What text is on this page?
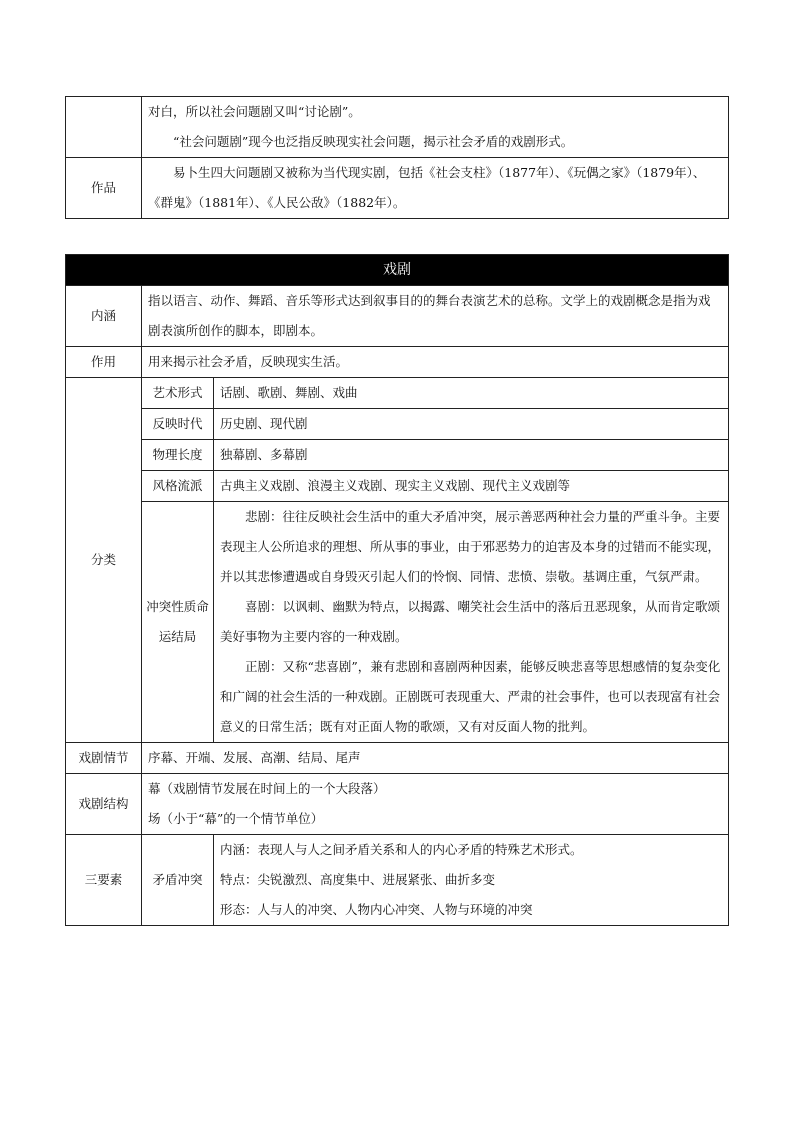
	对白，所以社会问题剧又叫“讨论剧”。

“社会问题剧”现今也泛指反映现实社会问题，揭示社会矛盾的戏剧形式。

作品	易卜生四大问题剧又被称为当代现实剧，包括《社会支柱》（1877年）、《玩偶之家》（1879年）、《群鬼》（1881年）、《人民公敌》（1882年）。
戏剧		
内涵	指以语言、动作、舞蹈、音乐等形式达到叙事目的的舞台表演艺术的总称。文学上的戏剧概念是指为戏剧表演所创作的脚本，即剧本。	
作用	用来揭示社会矛盾，反映现实生活。	
分类	艺术形式	话剧、歌剧、舞剧、戏曲
	反映时代	历史剧、现代剧
	物理长度	独幕剧、多幕剧
	风格流派	古典主义戏剧、浪漫主义戏剧、现实主义戏剧、现代主义戏剧等
	冲突性质命运结局	悲剧：往往反映社会生活中的重大矛盾冲突，展示善恶两种社会力量的严重斗争。主要表现主人公所追求的理想、所从事的事业，由于邪恶势力的迫害及本身的过错而不能实现，并以其悲惨遭遇或自身毁灭引起人们的怜悯、同情、悲愤、崇敬。基调庄重，气氛严肃。

喜剧：以讽刺、幽默为特点，以揭露、嘲笑社会生活中的落后丑恶现象，从而肯定歌颂美好事物为主要内容的一种戏剧。

正剧：又称“悲喜剧”，兼有悲剧和喜剧两种因素，能够反映悲喜等思想感情的复杂变化和广阔的社会生活的一种戏剧。正剧既可表现重大、严肃的社会事件，也可以表现富有社会意义的日常生活；既有对正面人物的歌颂，又有对反面人物的批判。

戏剧情节	序幕、开端、发展、高潮、结局、尾声	
戏剧结构	幕（戏剧情节发展在时间上的一个大段落）

场（小于“幕”的一个情节单位）	

三要素	矛盾冲突	内涵：表现人与人之间矛盾关系和人的内心矛盾的特殊艺术形式。

特点：尖锐激烈、高度集中、进展紧张、曲折多变

形态：人与人的冲突、人物内心冲突、人物与环境的冲突
